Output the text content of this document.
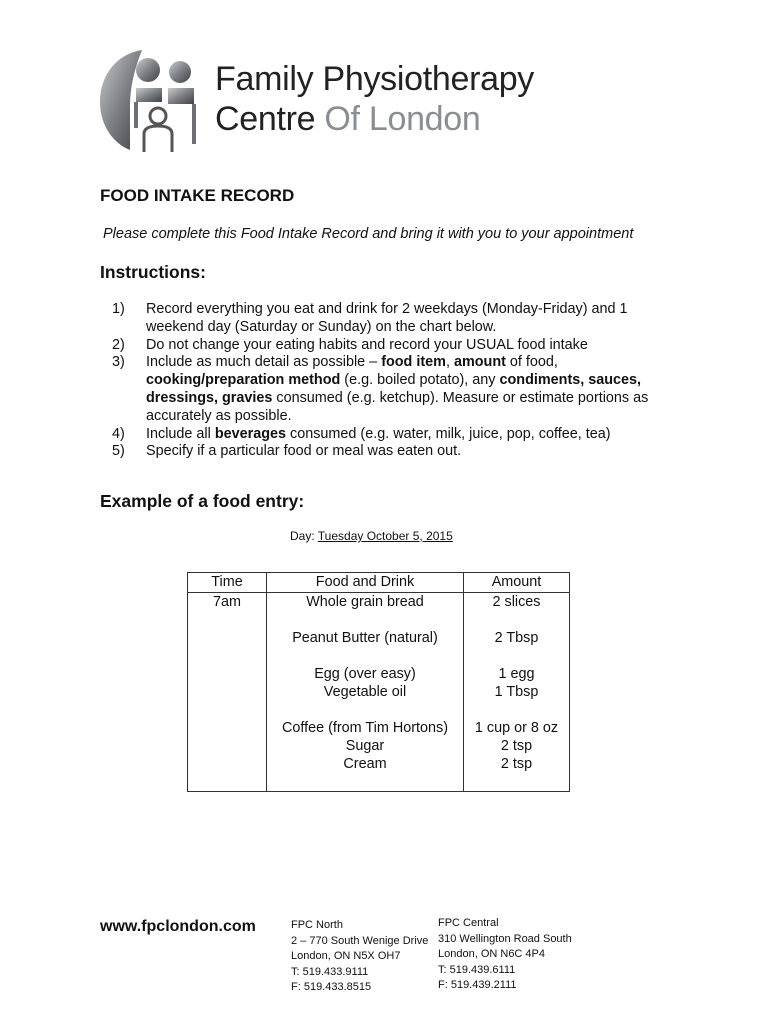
Family Physiotherapy
Centre Of London
FOOD INTAKE RECORD
Please complete this Food Intake Record and bring it with you to your appointment
Instructions:
1)	Record everything you eat and drink for 2 weekdays (Monday-Friday) and 1 weekend day (Saturday or Sunday) on the chart below.
2)	Do not change your eating habits and record your USUAL food intake
3)	Include as much detail as possible – food item, amount of food, cooking/preparation method (e.g. boiled potato), any condiments, sauces, dressings, gravies consumed (e.g. ketchup). Measure or estimate portions as accurately as possible.
4)	Include all beverages consumed (e.g. water, milk, juice, pop, coffee, tea)
5)	Specify if a particular food or meal was eaten out.
Example of a food entry:
Day: Tuesday October 5, 2015
Time	Food and Drink	Amount
7am	Whole grain bread	2 slices

	Peanut Butter (natural)	2 Tbsp

	Egg (over easy)	1 egg
	Vegetable oil	1 Tbsp

	Coffee (from Tim Hortons)	1 cup or 8 oz
	Sugar	2 tsp
	Cream	2 tsp

www.fpclondon.com	FPC North
2 – 770 South Wenige Drive
London, ON N5X OH7
T: 519.433.9111
F: 519.433.8515
FPC Central
310 Wellington Road South
London, ON N6C 4P4
T: 519.439.6111
F: 519.439.2111
